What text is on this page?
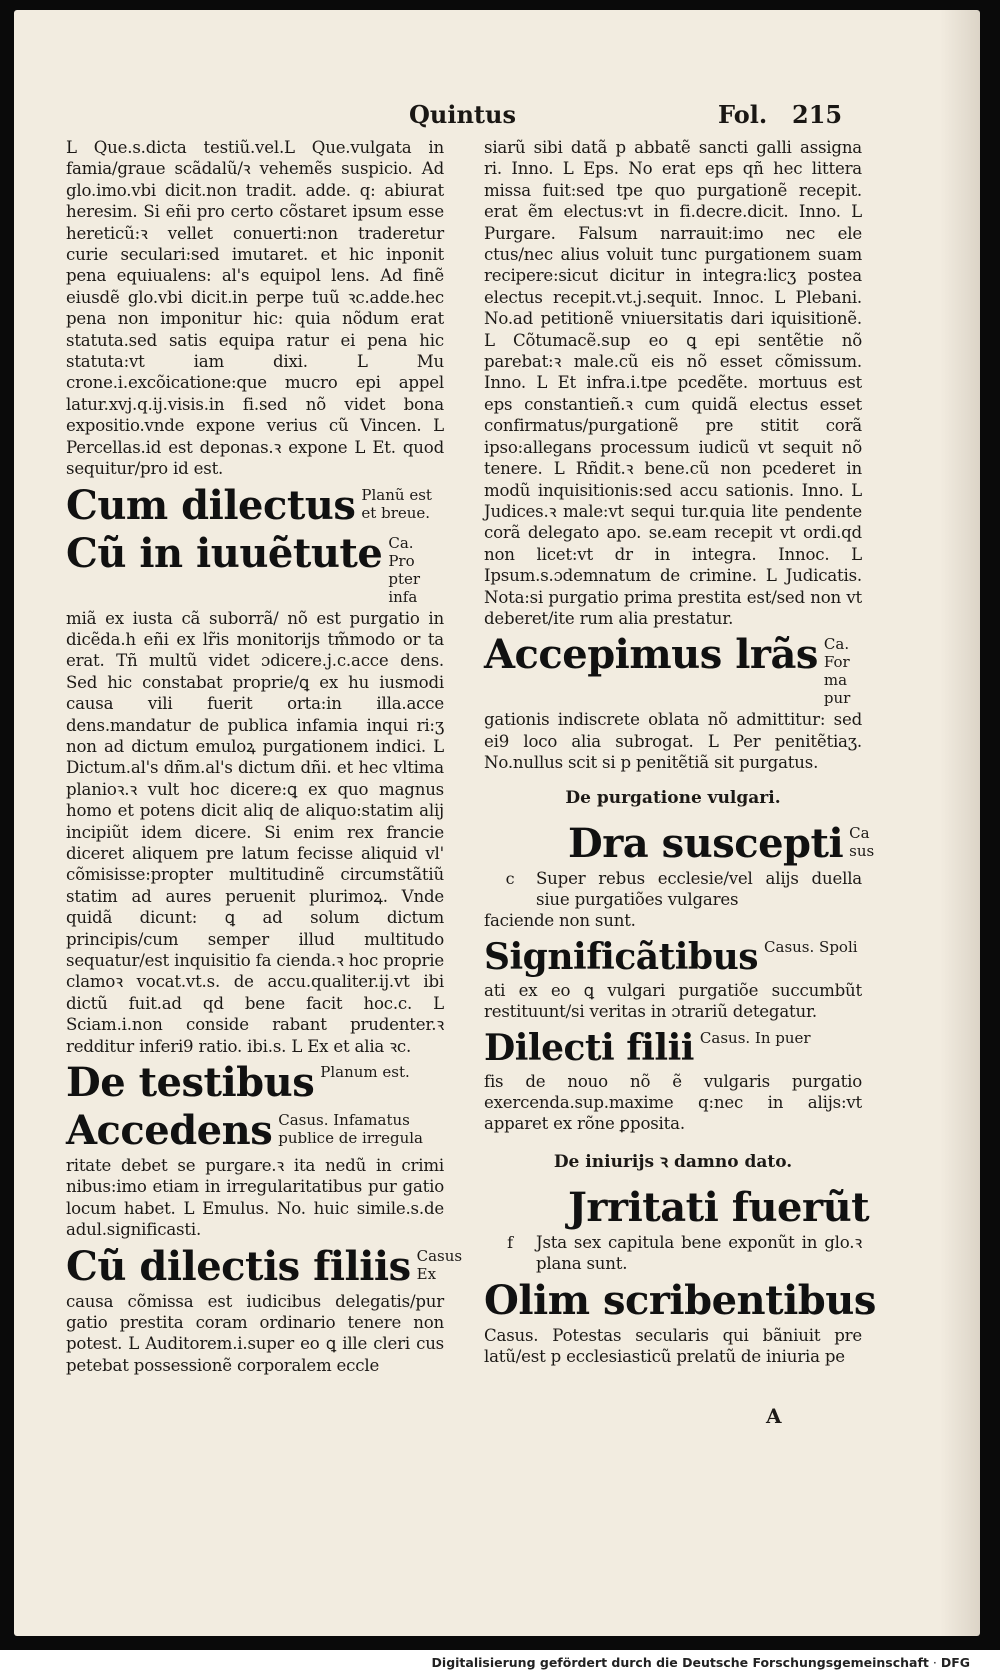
Quintus	Fol. 215

L Que.s.dicta testiũ.vel.L Que.vulgata in famia/graue scãdalũ/ꝛ vehemẽs suspicio. Ad glo.imo.vbi dicit.non tradit. adde. q: abiurat heresim. Si eñi pro certo cõstaret ipsum esse hereticũ:ꝛ vellet conuerti:non traderetur curie seculari:sed imutaret. et hic inponit pena equiualens: al's equipol lens. Ad finẽ eiusdẽ glo.vbi dicit.in perpe tuũ ꝛc.adde.hec pena non imponitur hic: quia nõdum erat statuta.sed satis equipa ratur ei pena hic statuta:vt iam dixi. L Mu crone.i.excõicatione:que mucro epi appel latur.xvj.q.ij.visis.in fi.sed nõ videt bona expositio.vnde expone verius cũ Vincen. L Percellas.id est deponas.ꝛ expone L Et. quod sequitur/pro id est.

Cum dilectus Planũ est et breue.
Cũ in iuuẽtute Ca. Pro pter infa

miã ex iusta cã suborrã/ nõ est purgatio in dicẽda.h eñi ex lr̃is monitorijs tm̃modo or ta erat. Tñ multũ videt ɔdicere.j.c.acce dens. Sed hic constabat proprie/ꝗ ex hu iusmodi causa vili fuerit orta:in illa.acce dens.mandatur de publica infamia inqui ri:ʒ non ad dictum emuloꝝ purgationem indici. L Dictum.al's dñm.al's dictum dñi. et hec vltima planioꝛ.ꝛ vult hoc dicere:ꝗ ex quo magnus homo et potens dicit aliq de aliquo:statim alij incipiũt idem dicere. Si enim rex francie diceret aliquem pre latum fecisse aliquid vl' cõmisisse:propter multitudinẽ circumstãtiũ statim ad aures peruenit plurimoꝝ. Vnde quidã dicunt: ꝗ ad solum dictum principis/cum semper illud multitudo sequatur/est inquisitio fa cienda.ꝛ hoc proprie clamoꝛ vocat.vt.s. de accu.qualiter.ij.vt ibi dictũ fuit.ad qd bene facit hoc.c. L Sciam.i.non conside rabant prudenter.ꝛ redditur inferi9 ratio. ibi.s. L Ex et alia ꝛc.

De testibus Planum est.
Accedens Casus. Infamatus publice de irregula

ritate debet se purgare.ꝛ ita nedũ in crimi nibus:imo etiam in irregularitatibus pur gatio locum habet. L Emulus. No. huic simile.s.de adul.significasti.

Cũ dilectis filiis Casus Ex

causa cõmissa est iudicibus delegatis/pur gatio prestita coram ordinario tenere non potest. L Auditorem.i.super eo ꝗ ille cleri cus petebat possessionẽ corporalem eccle

siarũ sibi datã p abbatẽ sancti galli assigna ri. Inno. L Eps. No erat eps qñ hec littera missa fuit:sed tpe quo purgationẽ recepit. erat ẽm electus:vt in fi.decre.dicit. Inno. L Purgare. Falsum narrauit:imo nec ele ctus/nec alius voluit tunc purgationem suam recipere:sicut dicitur in integra:licʒ postea electus recepit.vt.j.sequit. Innoc. L Plebani. No.ad petitionẽ vniuersitatis dari iquisitionẽ. L Cõtumacẽ.sup eo ꝗ epi sentẽtie nõ parebat:ꝛ male.cũ eis nõ esset cõmissum. Inno. L Et infra.i.tpe pcedẽte. mortuus est eps constantieñ.ꝛ cum quidã electus esset confirmatus/purgationẽ pre stitit corã ipso:allegans processum iudicũ vt sequit nõ tenere. L Rñdit.ꝛ bene.cũ non pcederet in modũ inquisitionis:sed accu sationis. Inno. L Judices.ꝛ male:vt sequi tur.quia lite pendente corã delegato apo. se.eam recepit vt ordi.qd non licet:vt dr in integra. Innoc. L Ipsum.s.ɔdemnatum de crimine. L Judicatis. Nota:si purgatio prima prestita est/sed non vt deberet/ite rum alia prestatur.

Accepimus lrãs Ca. For ma pur

gationis indiscrete oblata nõ admittitur: sed ei9 loco alia subrogat. L Per penitẽtiaʒ. No.nullus scit si p penitẽtiã sit purgatus.

De purgatione vulgari.
Dra suscepti Ca sus

c	Super rebus ecclesie/vel alijs duella siue purgatiões vulgares

faciende non sunt.

Significãtibus Casus. Spoli

ati ex eo ꝗ vulgari purgatiõe succumbũt restituunt/si veritas in ɔtrariũ detegatur.

Dilecti filii Casus. In puer

fis de nouo nõ ẽ vulgaris purgatio exercenda.sup.maxime q:nec in alijs:vt apparet ex rõne ꝑposita.

De iniurijs ꝛ damno dato.
Jrritati fuerũt

f	Jsta sex capitula bene exponũt in glo.ꝛ plana sunt.

Olim scribentibus

Casus. Potestas secularis qui bãniuit pre latũ/est p ecclesiasticũ prelatũ de iniuria pe

A
Digitalisierung gefördert durch die Deutsche Forschungsgemeinschaft · DFG
